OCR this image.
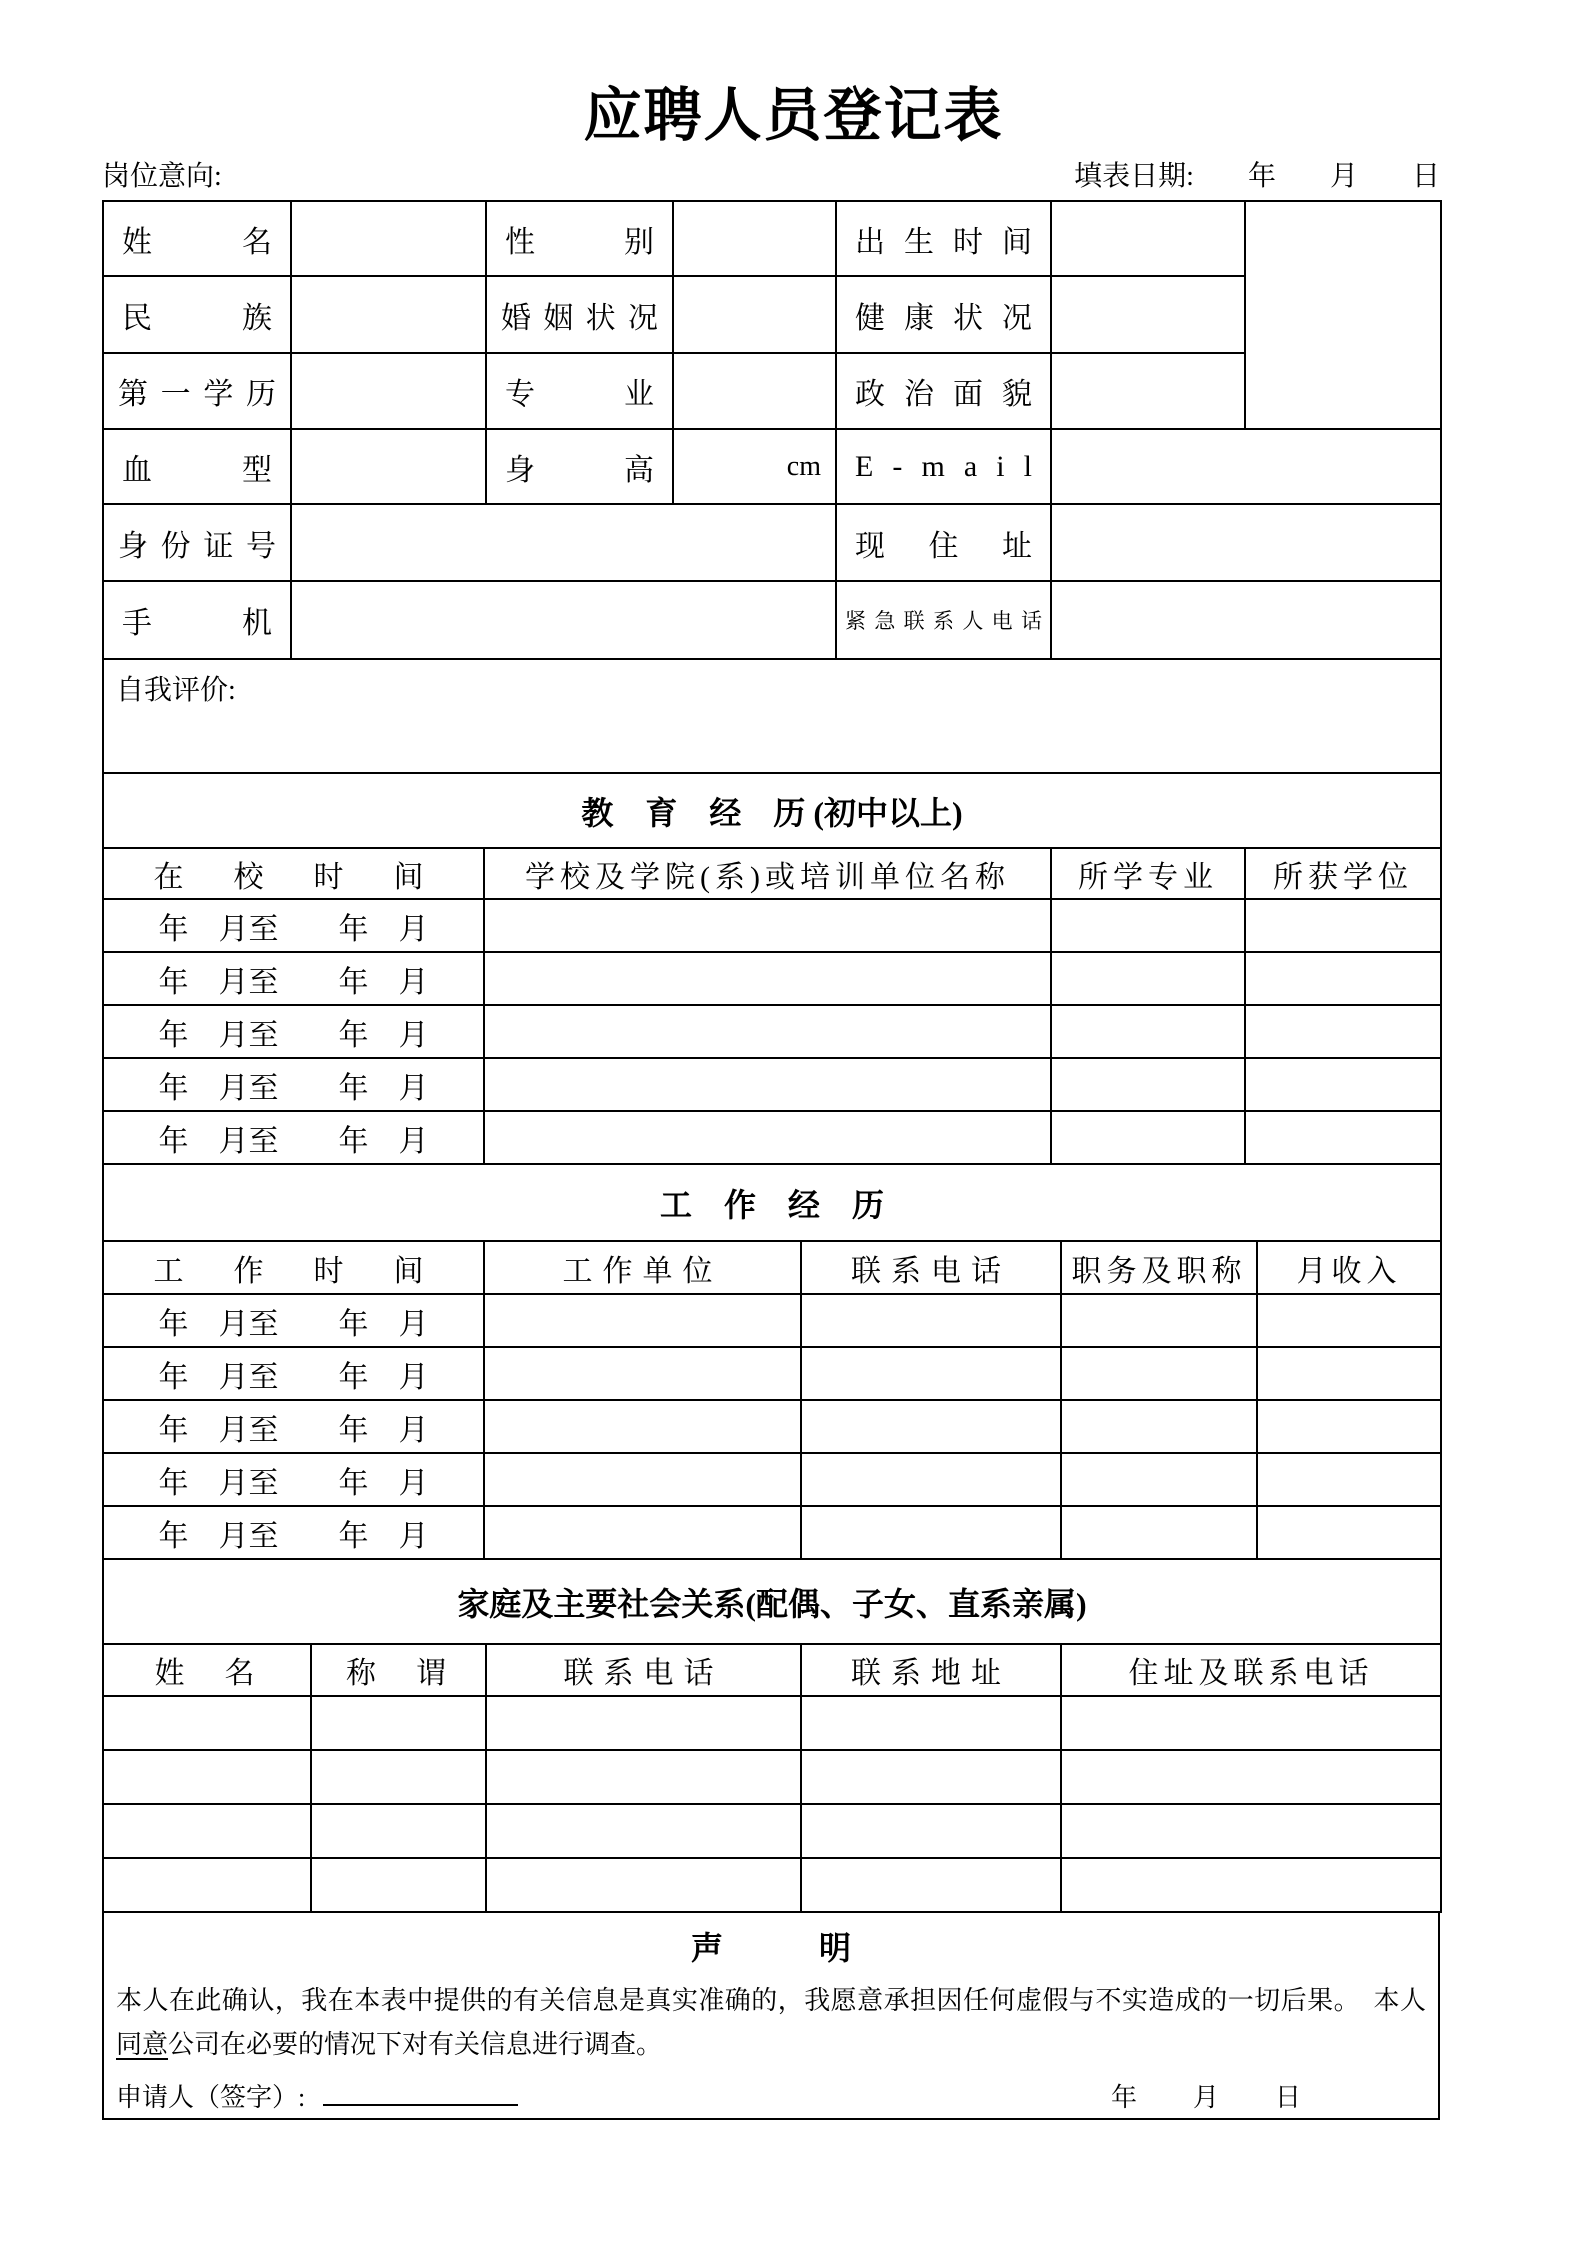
应聘人员登记表
岗位意向:	填表日期: 年 月 日
姓名		性别		出生时间		
民族		婚姻状况		健康状况		
第一学历		专业		政治面貌		
血型		身高	cm	E - m a i l		
身份证号				现住址		
手机				紧急联系人电话		
自我评价:						
教　育　经　历 (初中以上)			
在　校　时　间	学校及学院(系)或培训单位名称	所学专业	所获学位
年　月至　　年　月			
年　月至　　年　月			
年　月至　　年　月			
年　月至　　年　月			
年　月至　　年　月			
工　作　经　历				
工　作　时　间	工作单位	联系电话	职务及职称	月收入
年　月至　　年　月				
年　月至　　年　月				
年　月至　　年　月				
年　月至　　年　月				
年　月至　　年　月				
家庭及主要社会关系(配偶、子女、直系亲属)				
姓　名	称　谓	联系电话	联系地址	住址及联系电话

声　　　明
本人在此确认，我在本表中提供的有关信息是真实准确的，我愿意承担因任何虚假与不实造成的一切后果。　本人同意公司在必要的情况下对有关信息进行调查。
申请人（签字）:	年 月 日
